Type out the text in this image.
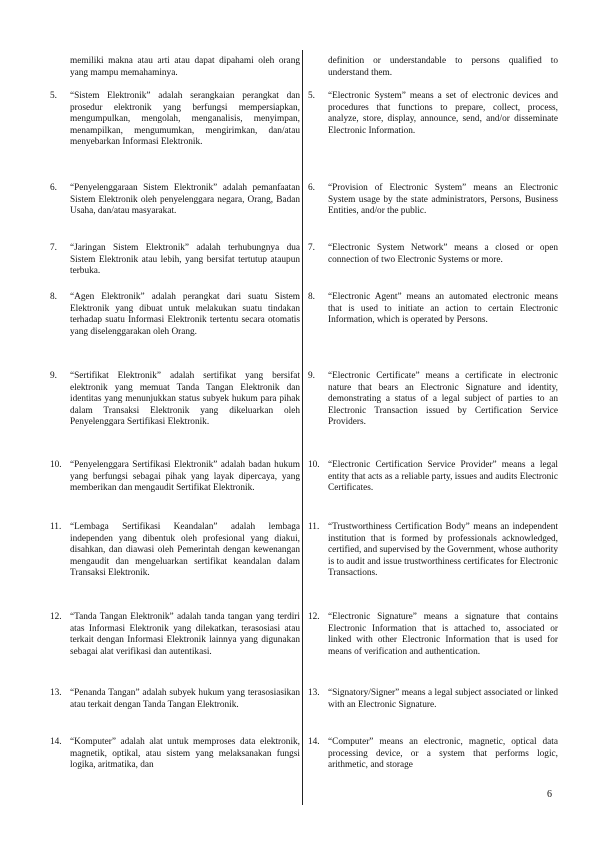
memiliki makna atau arti atau dapat dipahami oleh orang yang mampu memahaminya.
5.	“Sistem Elektronik” adalah serangkaian perangkat dan prosedur elektronik yang berfungsi mempersiapkan, mengumpulkan, mengolah, menganalisis, menyimpan, menampilkan, mengumumkan, mengirimkan, dan/atau menyebarkan Informasi Elektronik.
6.	“Penyelenggaraan Sistem Elektronik” adalah pemanfaatan Sistem Elektronik oleh penyelenggara negara, Orang, Badan Usaha, dan/atau masyarakat.
7.	“Jaringan Sistem Elektronik” adalah terhubungnya dua Sistem Elektronik atau lebih, yang bersifat tertutup ataupun terbuka.
8.	“Agen Elektronik” adalah perangkat dari suatu Sistem Elektronik yang dibuat untuk melakukan suatu tindakan terhadap suatu Informasi Elektronik tertentu secara otomatis yang diselenggarakan oleh Orang.
9.	“Sertifikat Elektronik” adalah sertifikat yang bersifat elektronik yang memuat Tanda Tangan Elektronik dan identitas yang menunjukkan status subyek hukum para pihak dalam Transaksi Elektronik yang dikeluarkan oleh Penyelenggara Sertifikasi Elektronik.
10. “Penyelenggara Sertifikasi Elektronik” adalah badan hukum yang berfungsi sebagai pihak yang layak dipercaya, yang memberikan dan mengaudit Sertifikat Elektronik.
11. “Lembaga Sertifikasi Keandalan” adalah lembaga independen yang dibentuk oleh profesional yang diakui, disahkan, dan diawasi oleh Pemerintah dengan kewenangan mengaudit dan mengeluarkan sertifikat keandalan dalam Transaksi Elektronik.
12. “Tanda Tangan Elektronik” adalah tanda tangan yang terdiri atas Informasi Elektronik yang dilekatkan, terasosiasi atau terkait dengan Informasi Elektronik lainnya yang digunakan sebagai alat verifikasi dan autentikasi.
13. “Penanda Tangan” adalah subyek hukum yang terasosiasikan atau terkait dengan Tanda Tangan Elektronik.
14. “Komputer” adalah alat untuk memproses data elektronik, magnetik, optikal, atau sistem yang melaksanakan fungsi logika, aritmatika, dan
definition or understandable to persons qualified to understand them.
5.	“Electronic System” means a set of electronic devices and procedures that functions to prepare, collect, process, analyze, store, display, announce, send, and/or disseminate Electronic Information.
6.	“Provision of Electronic System” means an Electronic System usage by the state administrators, Persons, Business Entities, and/or the public.
7.	“Electronic System Network” means a closed or open connection of two Electronic Systems or more.
8.	“Electronic Agent” means an automated electronic means that is used to initiate an action to certain Electronic Information, which is operated by Persons.
9.	“Electronic Certificate” means a certificate in electronic nature that bears an Electronic Signature and identity, demonstrating a status of a legal subject of parties to an Electronic Transaction issued by Certification Service Providers.
10. “Electronic Certification Service Provider” means a legal entity that acts as a reliable party, issues and audits Electronic Certificates.
11. “Trustworthiness Certification Body” means an independent institution that is formed by professionals acknowledged, certified, and supervised by the Government, whose authority is to audit and issue trustworthiness certificates for Electronic Transactions.
12. “Electronic Signature” means a signature that contains Electronic Information that is attached to, associated or linked with other Electronic Information that is used for means of verification and authentication.
13. “Signatory/Signer” means a legal subject associated or linked with an Electronic Signature.
14. “Computer” means an electronic, magnetic, optical data processing device, or a system that performs logic, arithmetic, and storage
6
